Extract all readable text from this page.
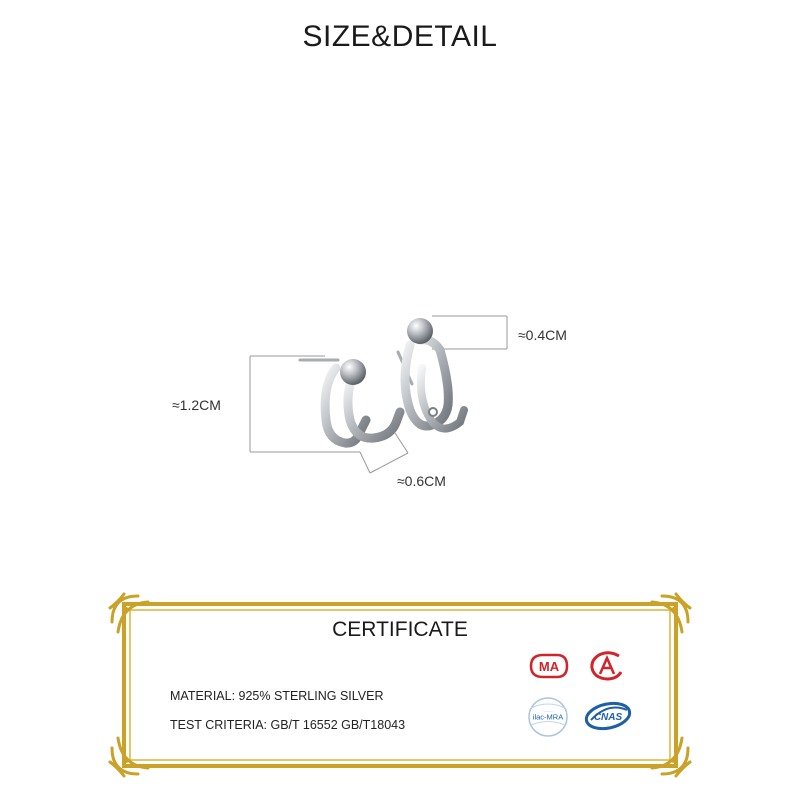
SIZE&DETAIL
≈1.2CM
≈0.6CM
≈0.4CM
CERTIFICATE
MATERIAL: 925% STERLING SILVER
TEST CRITERIA: GB/T 16552 GB/T18043
MA
ilac-MRA	CNAS
